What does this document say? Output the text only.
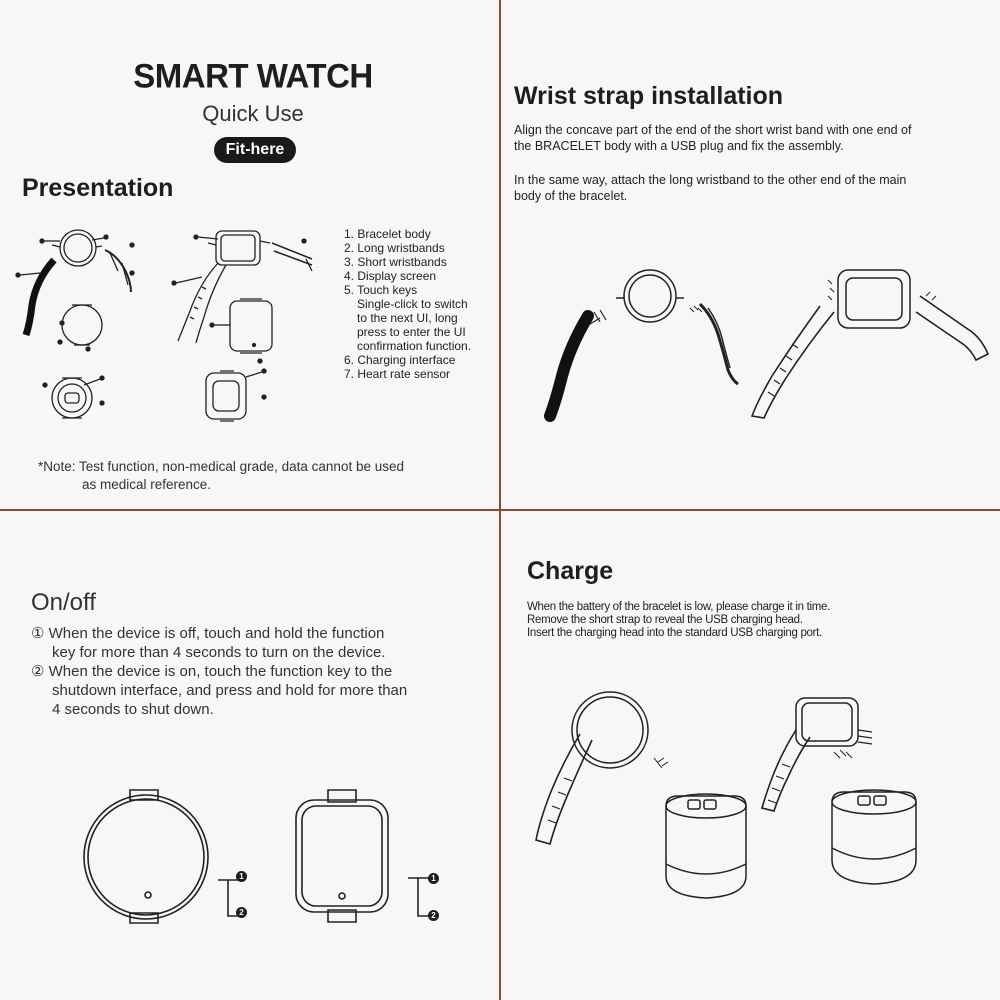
SMART WATCH
Quick Use
Fit-here
Presentation
1. Bracelet body
2. Long wristbands
3. Short wristbands
4. Display screen
5. Touch keys
Single-click to switch
to the next UI, long
press to enter the UI
confirmation function.
6. Charging interface
7. Heart rate sensor
*Note: Test function, non-medical grade, data cannot be used
as medical reference.
Wrist strap installation
Align the concave part of the end of the short wrist band with one end of
the BRACELET body with a USB plug and fix the assembly.
In the same way, attach the long wristband to the other end of the main
body of the bracelet.
On/off
① When the device is off, touch and hold the function
key for more than 4 seconds to turn on the device.
② When the device is on, touch the function key to the
shutdown interface, and press and hold for more than
4 seconds to shut down.
1
2
1
2
Charge
When the battery of the bracelet is low, please charge it in time.
Remove the short strap to reveal the USB charging head.
Insert the charging head into the standard USB charging port.
